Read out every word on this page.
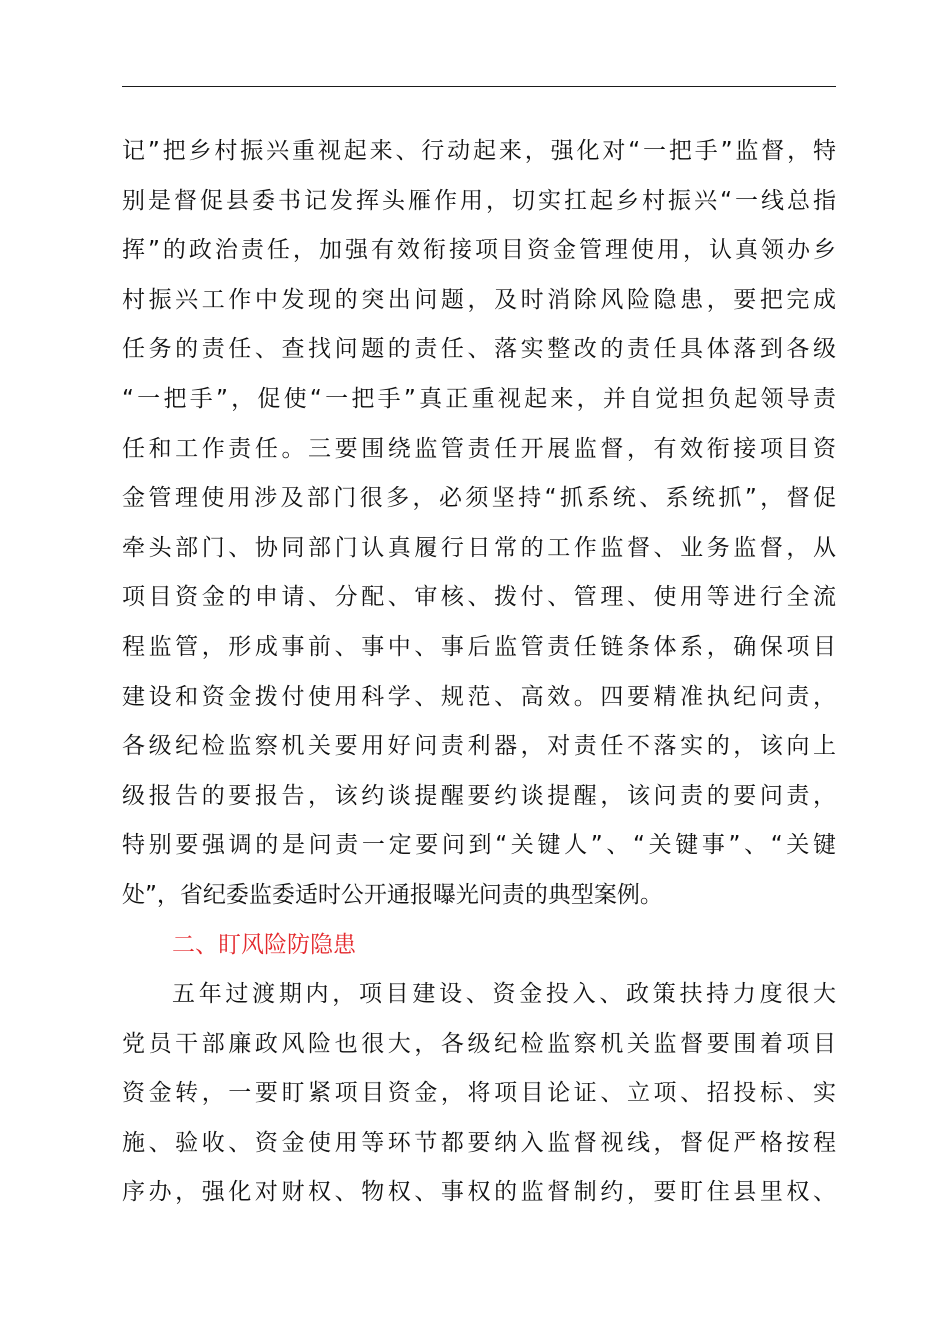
记”把乡村振兴重视起来、行动起来，强化对“一把手”监督，特
别是督促县委书记发挥头雁作用，切实扛起乡村振兴“一线总指
挥”的政治责任，加强有效衔接项目资金管理使用，认真领办乡
村振兴工作中发现的突出问题，及时消除风险隐患，要把完成
任务的责任、查找问题的责任、落实整改的责任具体落到各级
“一把手”，促使“一把手”真正重视起来，并自觉担负起领导责
任和工作责任。三要围绕监管责任开展监督，有效衔接项目资
金管理使用涉及部门很多，必须坚持“抓系统、系统抓”，督促
牵头部门、协同部门认真履行日常的工作监督、业务监督，从
项目资金的申请、分配、审核、拨付、管理、使用等进行全流
程监管，形成事前、事中、事后监管责任链条体系，确保项目
建设和资金拨付使用科学、规范、高效。四要精准执纪问责，
各级纪检监察机关要用好问责利器，对责任不落实的，该向上
级报告的要报告，该约谈提醒要约谈提醒，该问责的要问责，
特别要强调的是问责一定要问到“关键人”、“关键事”、“关键
处”，省纪委监委适时公开通报曝光问责的典型案例。
二、盯风险防隐患
五年过渡期内，项目建设、资金投入、政策扶持力度很大
党员干部廉政风险也很大，各级纪检监察机关监督要围着项目
资金转，一要盯紧项目资金，将项目论证、立项、招投标、实
施、验收、资金使用等环节都要纳入监督视线，督促严格按程
序办，强化对财权、物权、事权的监督制约，要盯住县里权、
